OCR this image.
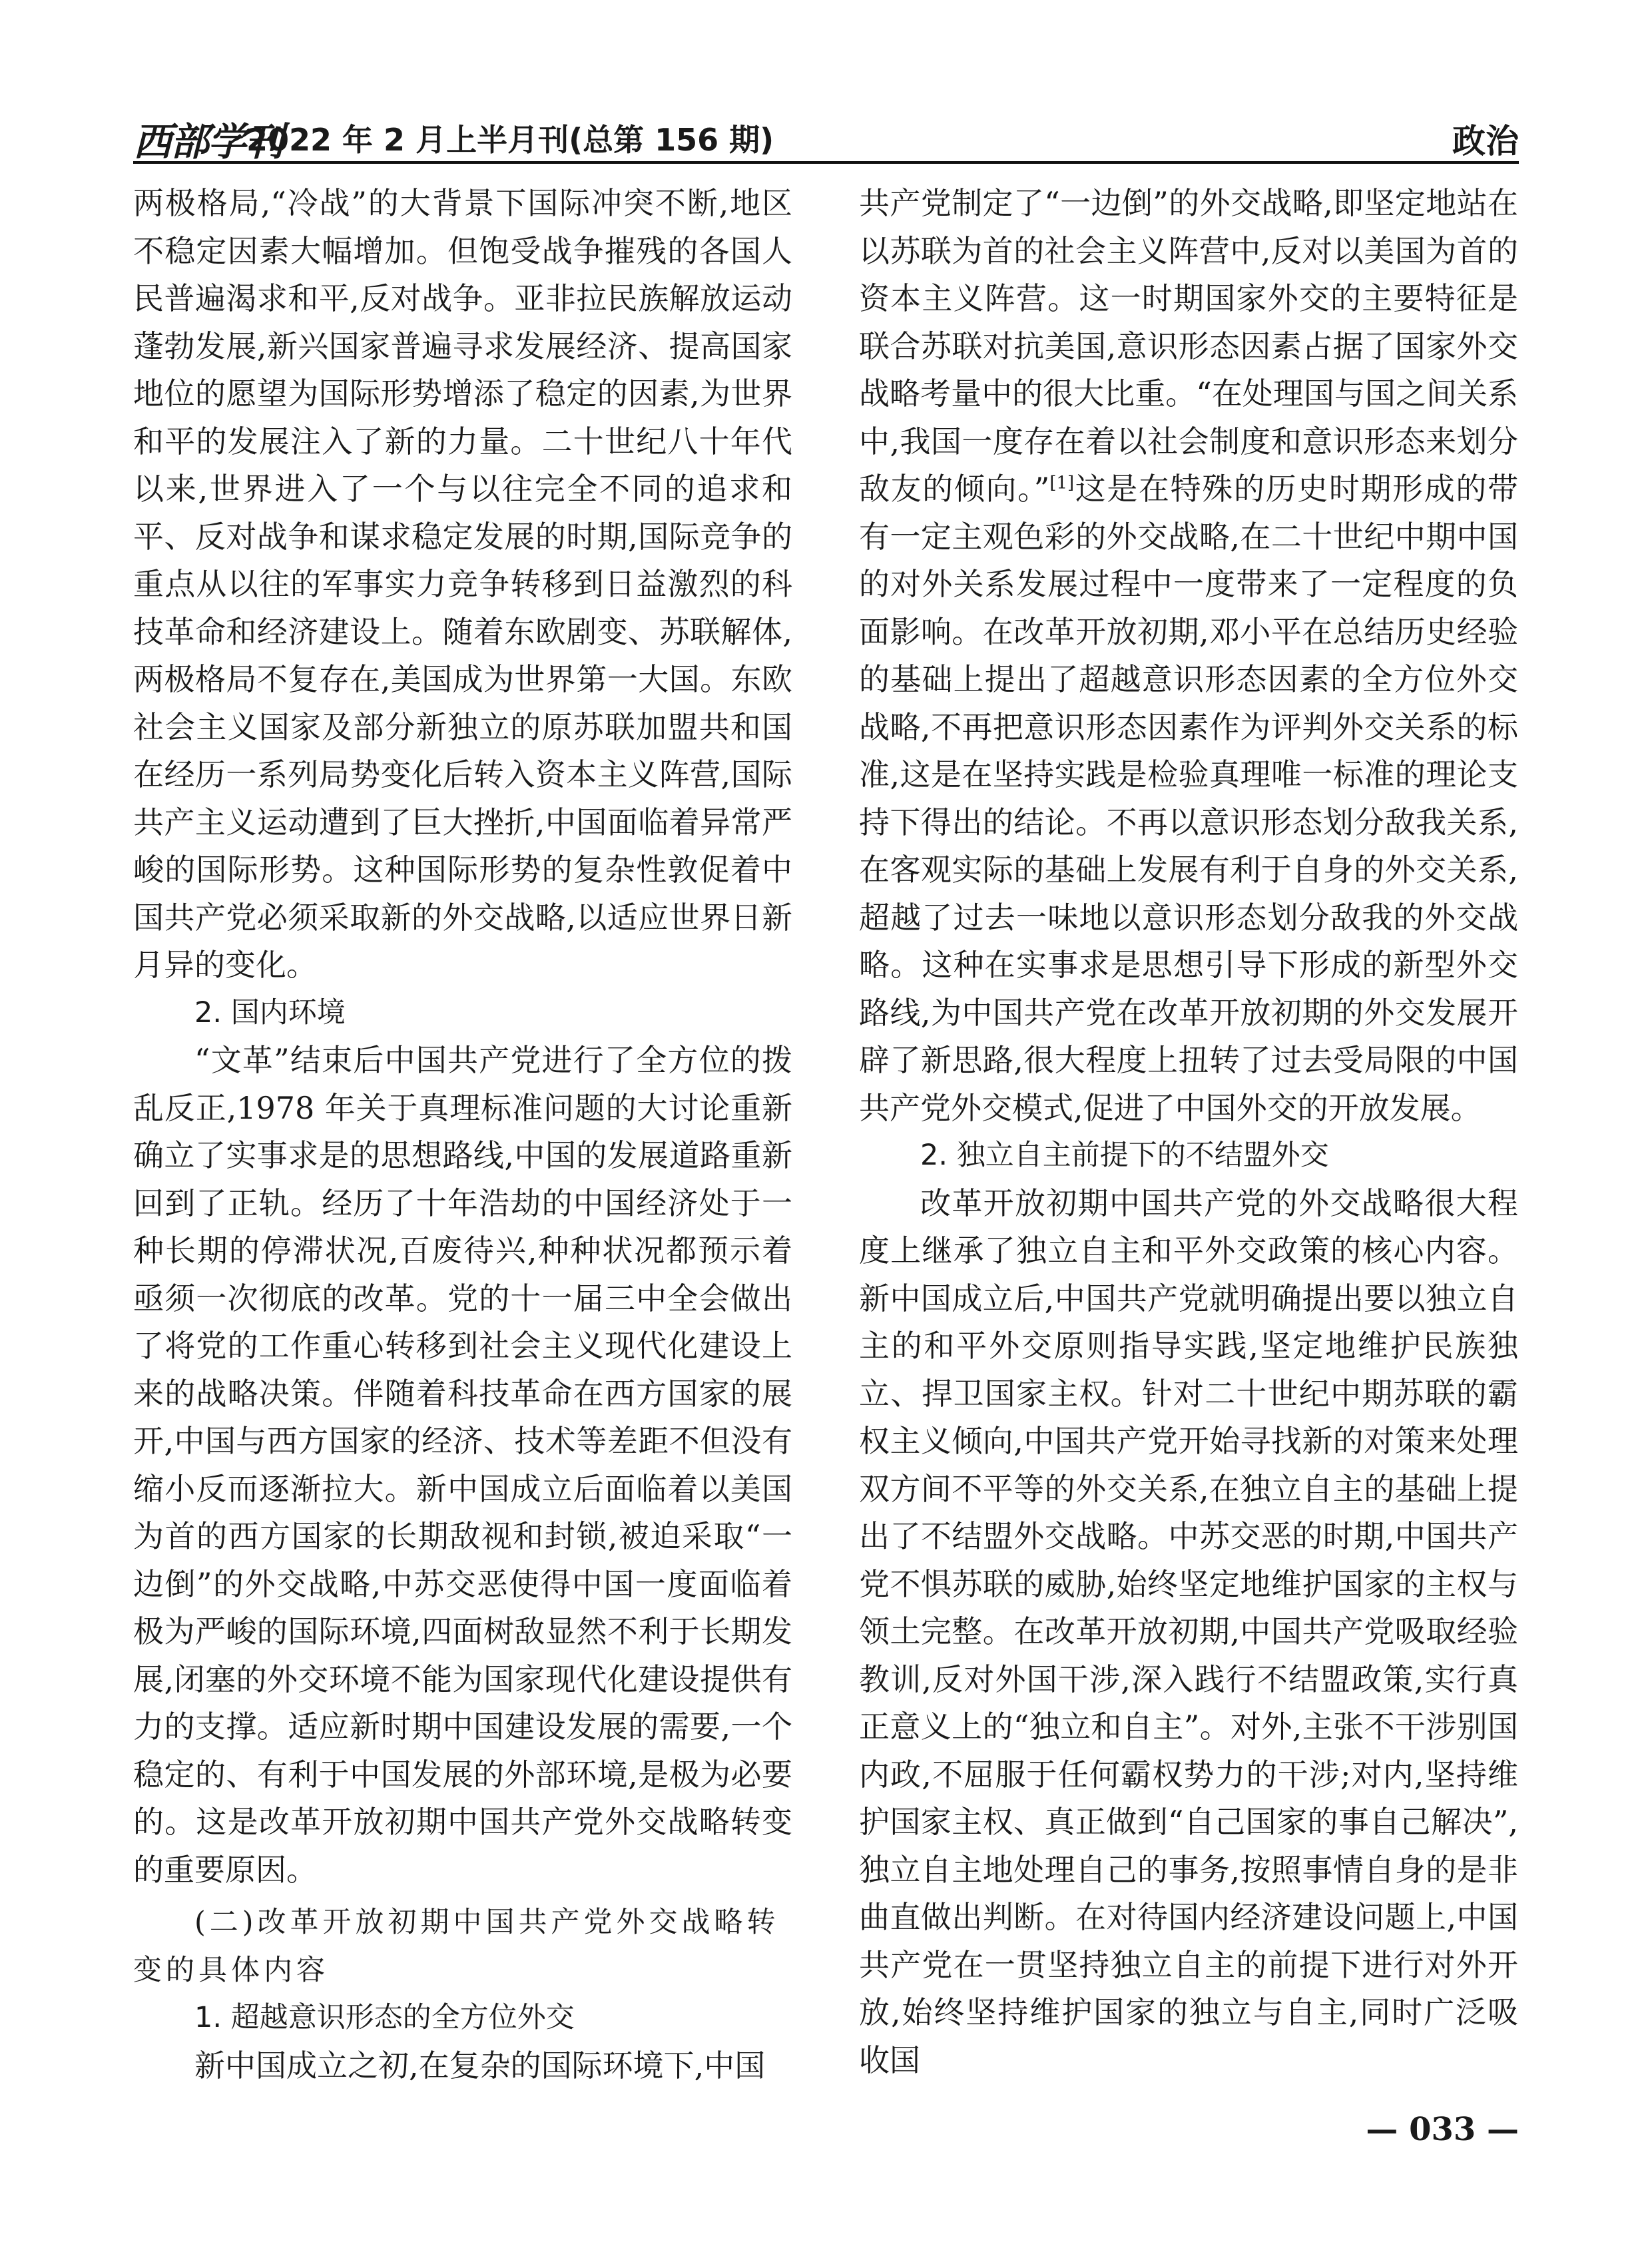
西部学刊
2022 年 2 月上半月刊(总第 156 期)	政治

两极格局,“冷战”的大背景下国际冲突不断,地区不稳定因素大幅增加。但饱受战争摧残的各国人民普遍渴求和平,反对战争。亚非拉民族解放运动蓬勃发展,新兴国家普遍寻求发展经济、提高国家地位的愿望为国际形势增添了稳定的因素,为世界和平的发展注入了新的力量。二十世纪八十年代以来,世界进入了一个与以往完全不同的追求和平、反对战争和谋求稳定发展的时期,国际竞争的重点从以往的军事实力竞争转移到日益激烈的科技革命和经济建设上。随着东欧剧变、苏联解体,两极格局不复存在,美国成为世界第一大国。东欧社会主义国家及部分新独立的原苏联加盟共和国在经历一系列局势变化后转入资本主义阵营,国际共产主义运动遭到了巨大挫折,中国面临着异常严峻的国际形势。这种国际形势的复杂性敦促着中国共产党必须采取新的外交战略,以适应世界日新月异的变化。

2. 国内环境

“文革”结束后中国共产党进行了全方位的拨乱反正,1978 年关于真理标准问题的大讨论重新确立了实事求是的思想路线,中国的发展道路重新回到了正轨。经历了十年浩劫的中国经济处于一种长期的停滞状况,百废待兴,种种状况都预示着亟须一次彻底的改革。党的十一届三中全会做出了将党的工作重心转移到社会主义现代化建设上来的战略决策。伴随着科技革命在西方国家的展开,中国与西方国家的经济、技术等差距不但没有缩小反而逐渐拉大。新中国成立后面临着以美国为首的西方国家的长期敌视和封锁,被迫采取“一边倒”的外交战略,中苏交恶使得中国一度面临着极为严峻的国际环境,四面树敌显然不利于长期发展,闭塞的外交环境不能为国家现代化建设提供有力的支撑。适应新时期中国建设发展的需要,一个稳定的、有利于中国发展的外部环境,是极为必要的。这是改革开放初期中国共产党外交战略转变的重要原因。

(二)改革开放初期中国共产党外交战略转变的具体内容

1. 超越意识形态的全方位外交

新中国成立之初,在复杂的国际环境下,中国

共产党制定了“一边倒”的外交战略,即坚定地站在以苏联为首的社会主义阵营中,反对以美国为首的资本主义阵营。这一时期国家外交的主要特征是联合苏联对抗美国,意识形态因素占据了国家外交战略考量中的很大比重。“在处理国与国之间关系中,我国一度存在着以社会制度和意识形态来划分敌友的倾向。”[1]这是在特殊的历史时期形成的带有一定主观色彩的外交战略,在二十世纪中期中国的对外关系发展过程中一度带来了一定程度的负面影响。在改革开放初期,邓小平在总结历史经验的基础上提出了超越意识形态因素的全方位外交战略,不再把意识形态因素作为评判外交关系的标准,这是在坚持实践是检验真理唯一标准的理论支持下得出的结论。不再以意识形态划分敌我关系,在客观实际的基础上发展有利于自身的外交关系,超越了过去一味地以意识形态划分敌我的外交战略。这种在实事求是思想引导下形成的新型外交路线,为中国共产党在改革开放初期的外交发展开辟了新思路,很大程度上扭转了过去受局限的中国共产党外交模式,促进了中国外交的开放发展。

2. 独立自主前提下的不结盟外交

改革开放初期中国共产党的外交战略很大程度上继承了独立自主和平外交政策的核心内容。新中国成立后,中国共产党就明确提出要以独立自主的和平外交原则指导实践,坚定地维护民族独立、捍卫国家主权。针对二十世纪中期苏联的霸权主义倾向,中国共产党开始寻找新的对策来处理双方间不平等的外交关系,在独立自主的基础上提出了不结盟外交战略。中苏交恶的时期,中国共产党不惧苏联的威胁,始终坚定地维护国家的主权与领土完整。在改革开放初期,中国共产党吸取经验教训,反对外国干涉,深入践行不结盟政策,实行真正意义上的“独立和自主”。对外,主张不干涉别国内政,不屈服于任何霸权势力的干涉;对内,坚持维护国家主权、真正做到“自己国家的事自己解决”,独立自主地处理自己的事务,按照事情自身的是非曲直做出判断。在对待国内经济建设问题上,中国共产党在一贯坚持独立自主的前提下进行对外开放,始终坚持维护国家的独立与自主,同时广泛吸收国

— 033 —
